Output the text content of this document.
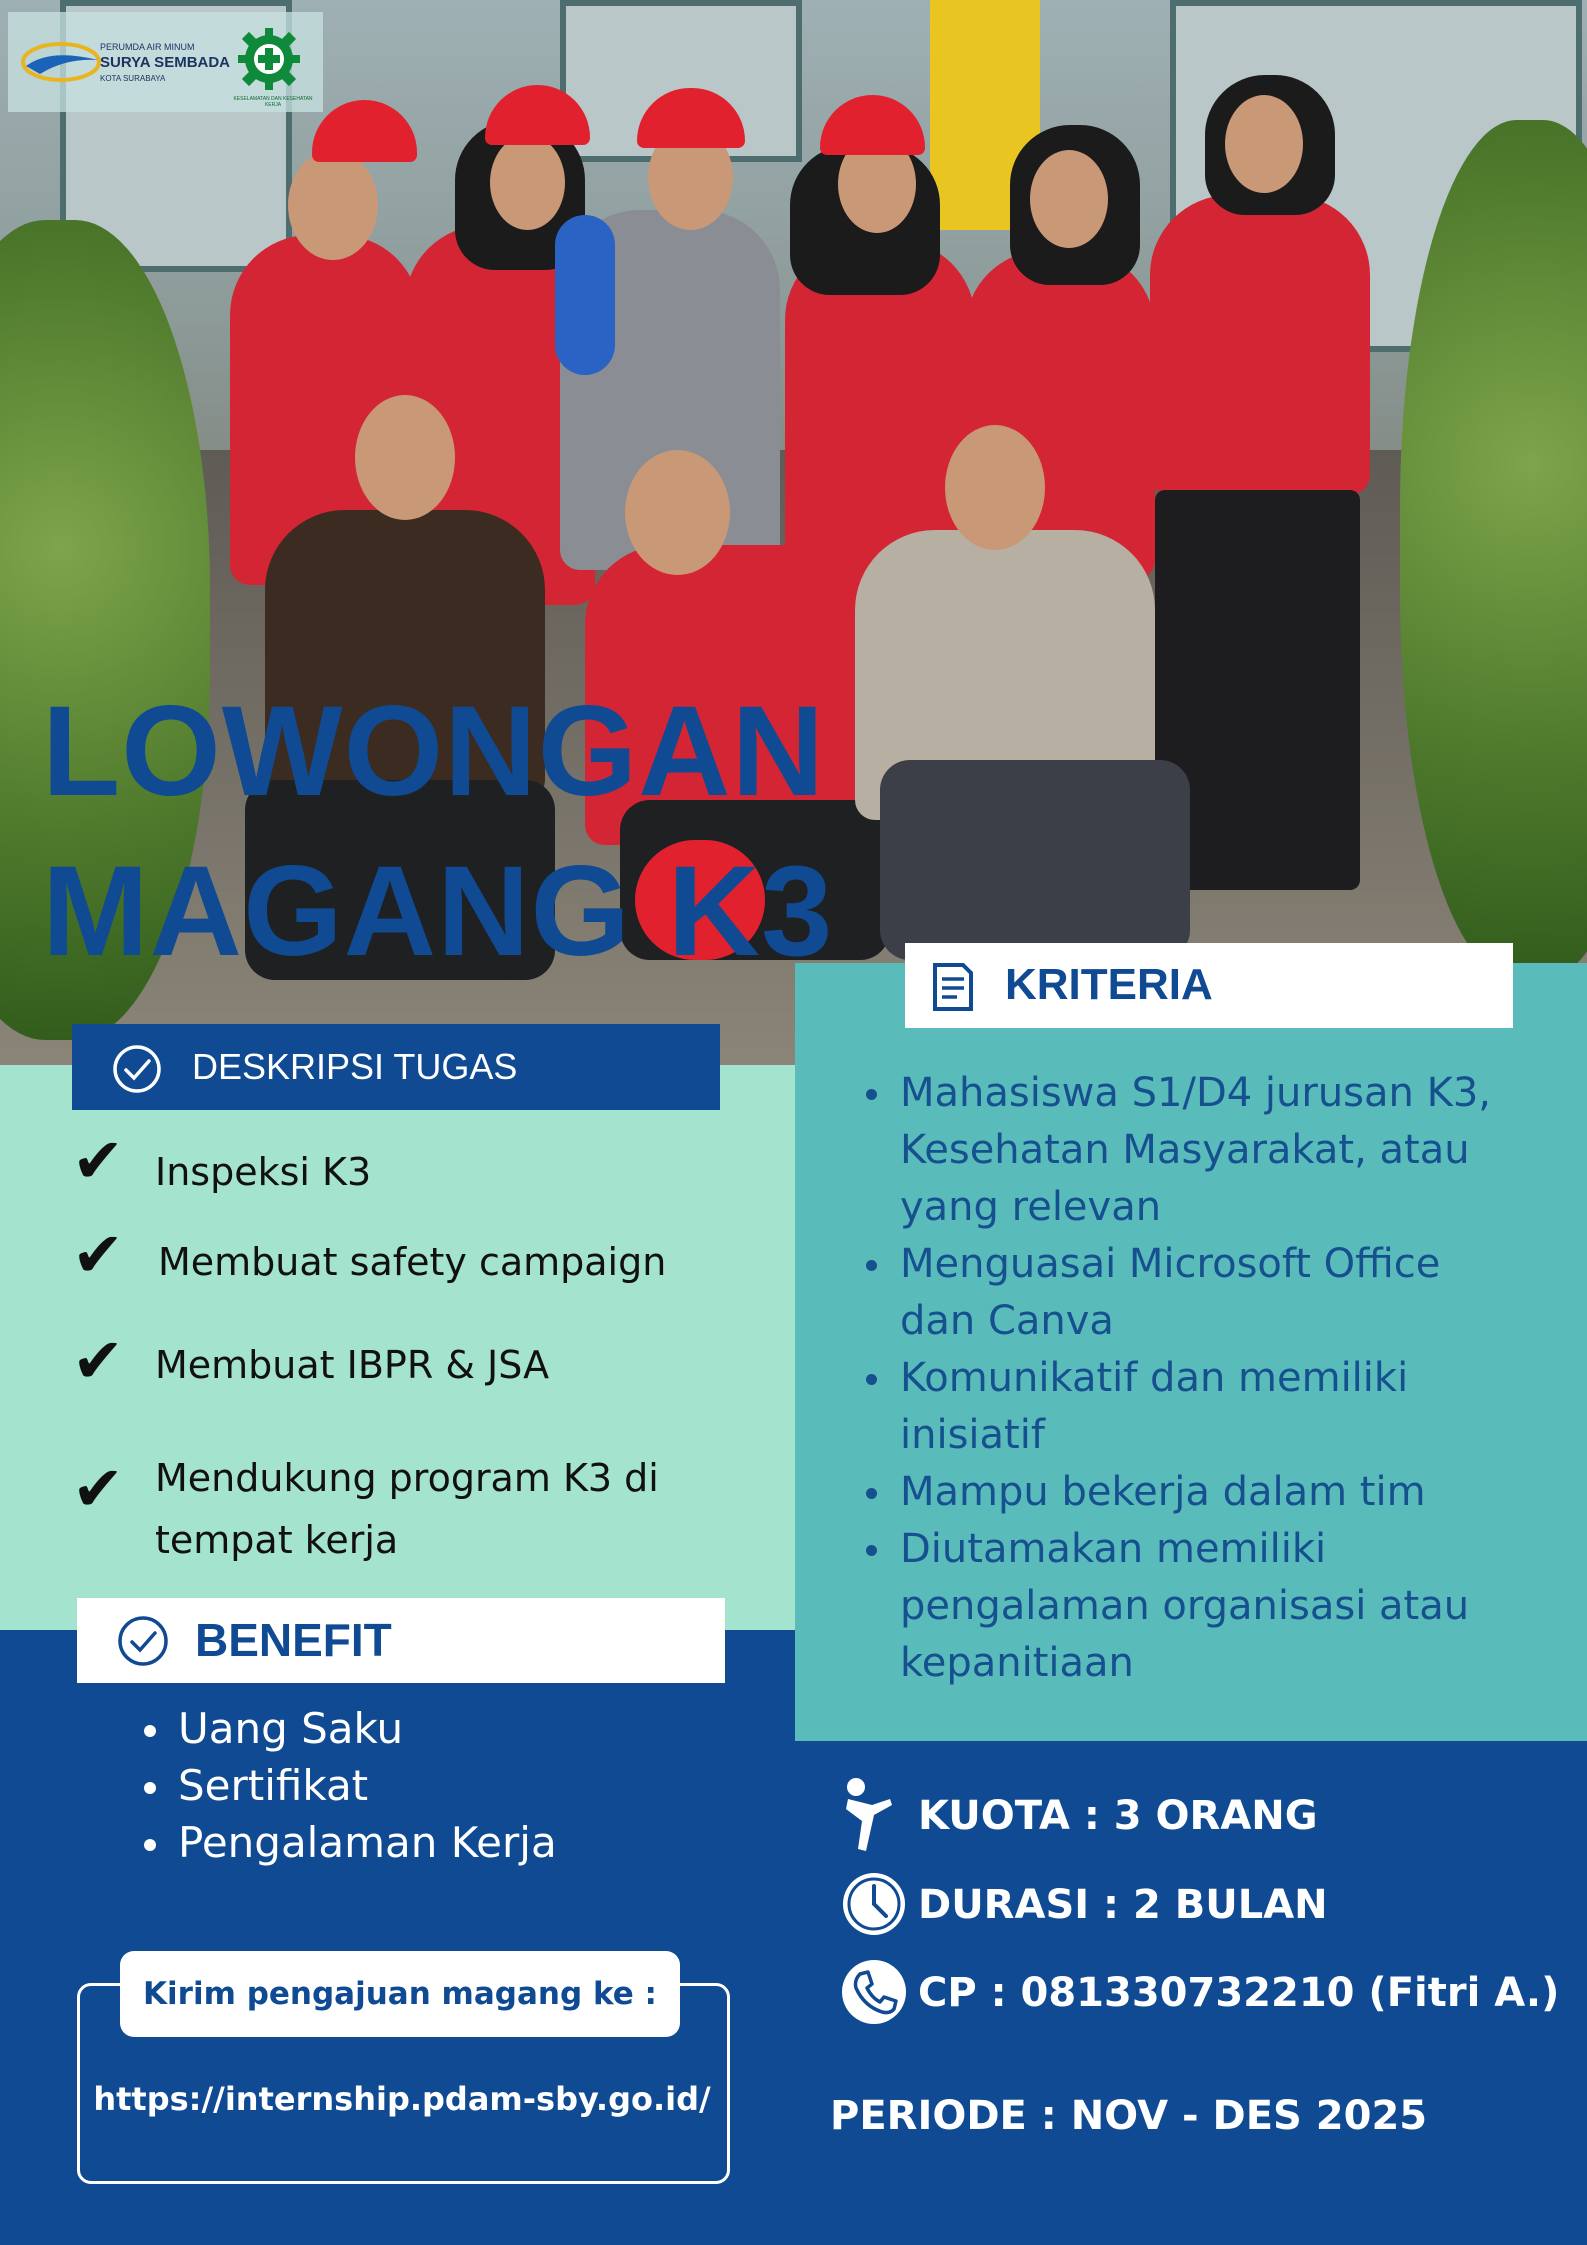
PERUMDA AIR MINUM
SURYA SEMBADA
KOTA SURABAYA
KESELAMATAN DAN KESEHATAN KERJA
LOWONGAN
MAGANG K3
KRITERIA
DESKRIPSI TUGAS
✔ Inspeksi K3
✔ Membuat safety campaign
✔ Membuat IBPR & JSA
✔ Mendukung program K3 di
tempat kerja
Mahasiswa S1/D4 jurusan K3,
Kesehatan Masyarakat, atau
yang relevan
Menguasai Microsoft Office
dan Canva
Komunikatif dan memiliki
inisiatif
Mampu bekerja dalam tim
Diutamakan memiliki
pengalaman organisasi atau
kepanitiaan
BENEFIT
Uang Saku
Sertifikat
Pengalaman Kerja
KUOTA : 3 ORANG
DURASI : 2 BULAN
CP : 081330732210 (Fitri A.)
PERIODE : NOV - DES 2025
Kirim pengajuan magang ke :
https://internship.pdam-sby.go.id/
